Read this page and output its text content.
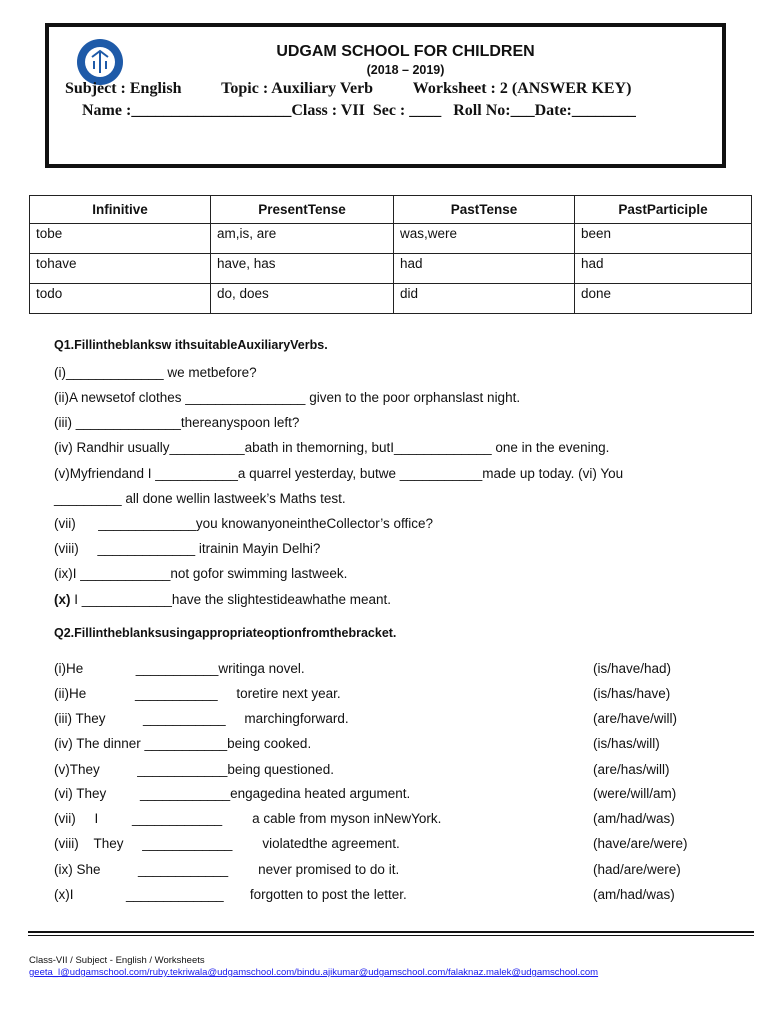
UDGAM SCHOOL FOR CHILDREN
(2018 – 2019)
Subject : English          Topic : Auxiliary Verb          Worksheet : 2 (ANSWER KEY)
Name :____________________Class : VII  Sec : ____   Roll No:___Date:________
Infinitive	PresentTense	PastTense	PastParticiple
tobe	am,is, are	was,were	been
tohave	have, has	had	had
todo	do, does	did	done
Q1.Fillintheblanksw ithsuitableAuxiliaryVerbs.
(i)_____________ we metbefore?
(ii)A newsetof clothes ________________ given to the poor orphanslast night.
(iii) ______________thereanyspoon left?
(iv) Randhir usually__________abath in themorning, butI_____________ one in the evening.
(v)Myfriendand I ___________a quarrel yesterday, butwe ___________made up today. (vi) You
_________ all done wellin lastweek’s Maths test.
(vii)      _____________you knowanyoneintheCollector’s office?
(viii)     _____________ itrainin Mayin Delhi?
(ix)I ____________not gofor swimming lastweek.
(x) I ____________have the slightestideawhathe meant.
Q2.Fillintheblanksusingappropriateoptionfromthebracket.
(i)He              ___________writinga novel.	(is/have/had)
(ii)He             ___________     toretire next year.	(is/has/have)
(iii) They          ___________     marchingforward.	(are/have/will)
(iv) The dinner ___________being cooked.	(is/has/will)
(v)They          ____________being questioned.	(are/has/will)
(vi) They         ____________engagedina heated argument.	(were/will/am)
(vii)     I         ____________        a cable from myson inNewYork.	(am/had/was)
(viii)    They     ____________        violatedthe agreement.	(have/are/were)
(ix) She          ____________        never promised to do it.	(had/are/were)
(x)I              _____________       forgotten to post the letter.	(am/had/was)
Class-VII / Subject - English / Worksheets
geeta_l@udgamschool.com/ruby.tekriwala@udgamschool.com/bindu.ajikumar@udgamschool.com/falaknaz.malek@udgamschool.com
